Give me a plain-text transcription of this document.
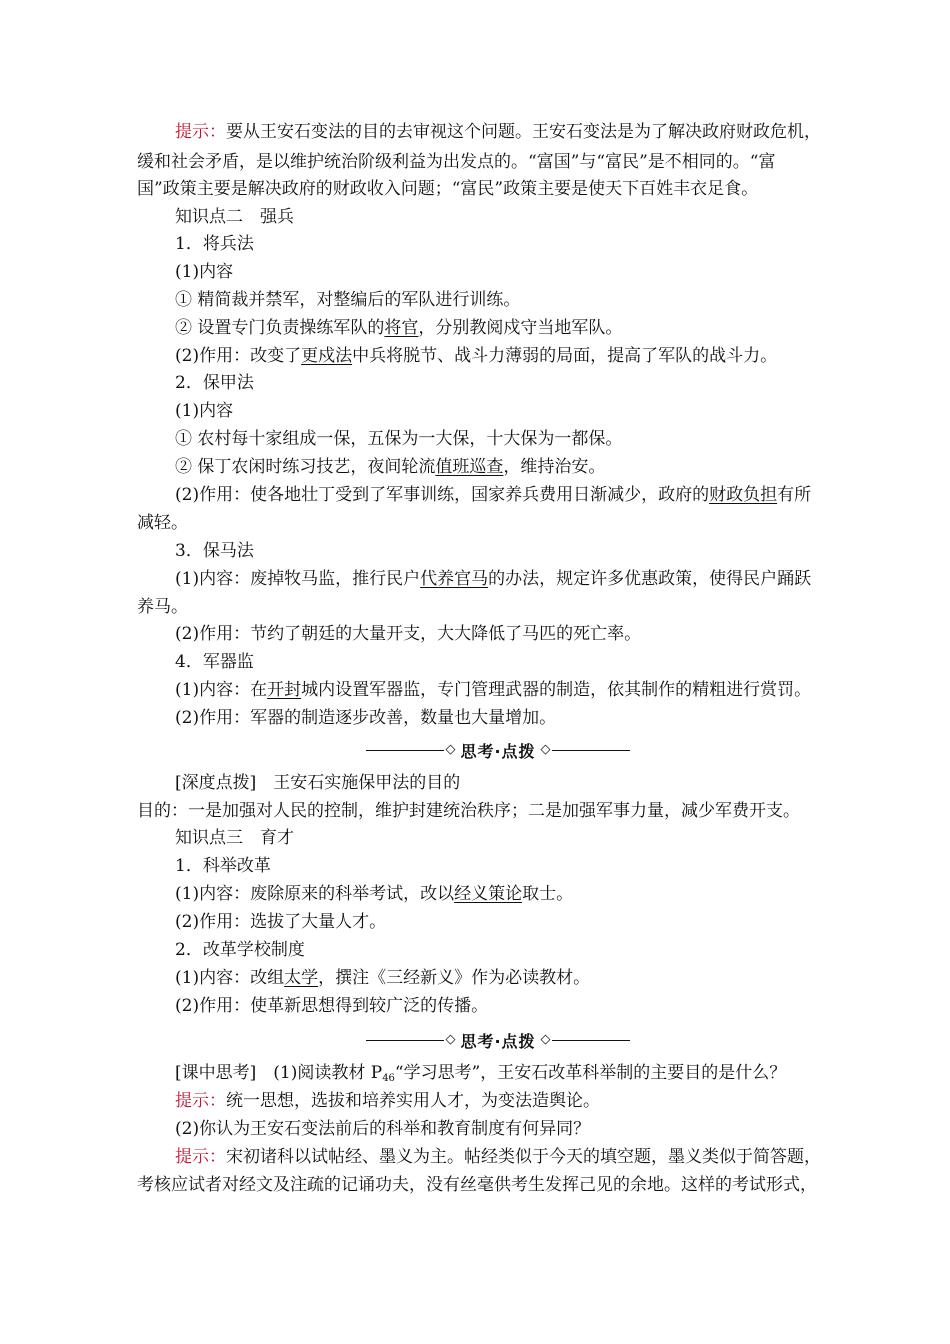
提示：要从王安石变法的目的去审视这个问题。王安石变法是为了解决政府财政危机，
缓和社会矛盾，是以维护统治阶级利益为出发点的。“富国”与“富民”是不相同的。“富
国”政策主要是解决政府的财政收入问题；“富民”政策主要是使天下百姓丰衣足食。
知识点二　强兵
1．将兵法
(1)内容
① 精简裁并禁军，对整编后的军队进行训练。
② 设置专门负责操练军队的将官，分别教阅戍守当地军队。
(2)作用：改变了更戍法中兵将脱节、战斗力薄弱的局面，提高了军队的战斗力。
2．保甲法
(1)内容
① 农村每十家组成一保，五保为一大保，十大保为一都保。
② 保丁农闲时练习技艺，夜间轮流值班巡查，维持治安。
(2)作用：使各地壮丁受到了军事训练，国家养兵费用日渐减少，政府的财政负担有所
减轻。
3．保马法
(1)内容：废掉牧马监，推行民户代养官马的办法，规定许多优惠政策，使得民户踊跃
养马。
(2)作用：节约了朝廷的大量开支，大大降低了马匹的死亡率。
4．军器监
(1)内容：在开封城内设置军器监，专门管理武器的制造，依其制作的精粗进行赏罚。
(2)作用：军器的制造逐步改善，数量也大量增加。
◇ 思考·点拨 ◇
[深度点拨]　王安石实施保甲法的目的
目的：一是加强对人民的控制，维护封建统治秩序；二是加强军事力量，减少军费开支。
知识点三　育才
1．科举改革
(1)内容：废除原来的科举考试，改以经义策论取士。
(2)作用：选拔了大量人才。
2．改革学校制度
(1)内容：改组太学，撰注《三经新义》作为必读教材。
(2)作用：使革新思想得到较广泛的传播。
◇ 思考·点拨 ◇
[课中思考]　(1)阅读教材 $P_{46}“$学习思考”，王安石改革科举制的主要目的是什么？
提示：统一思想，选拔和培养实用人才，为变法造舆论。
(2)你认为王安石变法前后的科举和教育制度有何异同？
提示：宋初诸科以试帖经、墨义为主。帖经类似于今天的填空题，墨义类似于简答题，
考核应试者对经文及注疏的记诵功夫，没有丝毫供考生发挥己见的余地。这样的考试形式，
